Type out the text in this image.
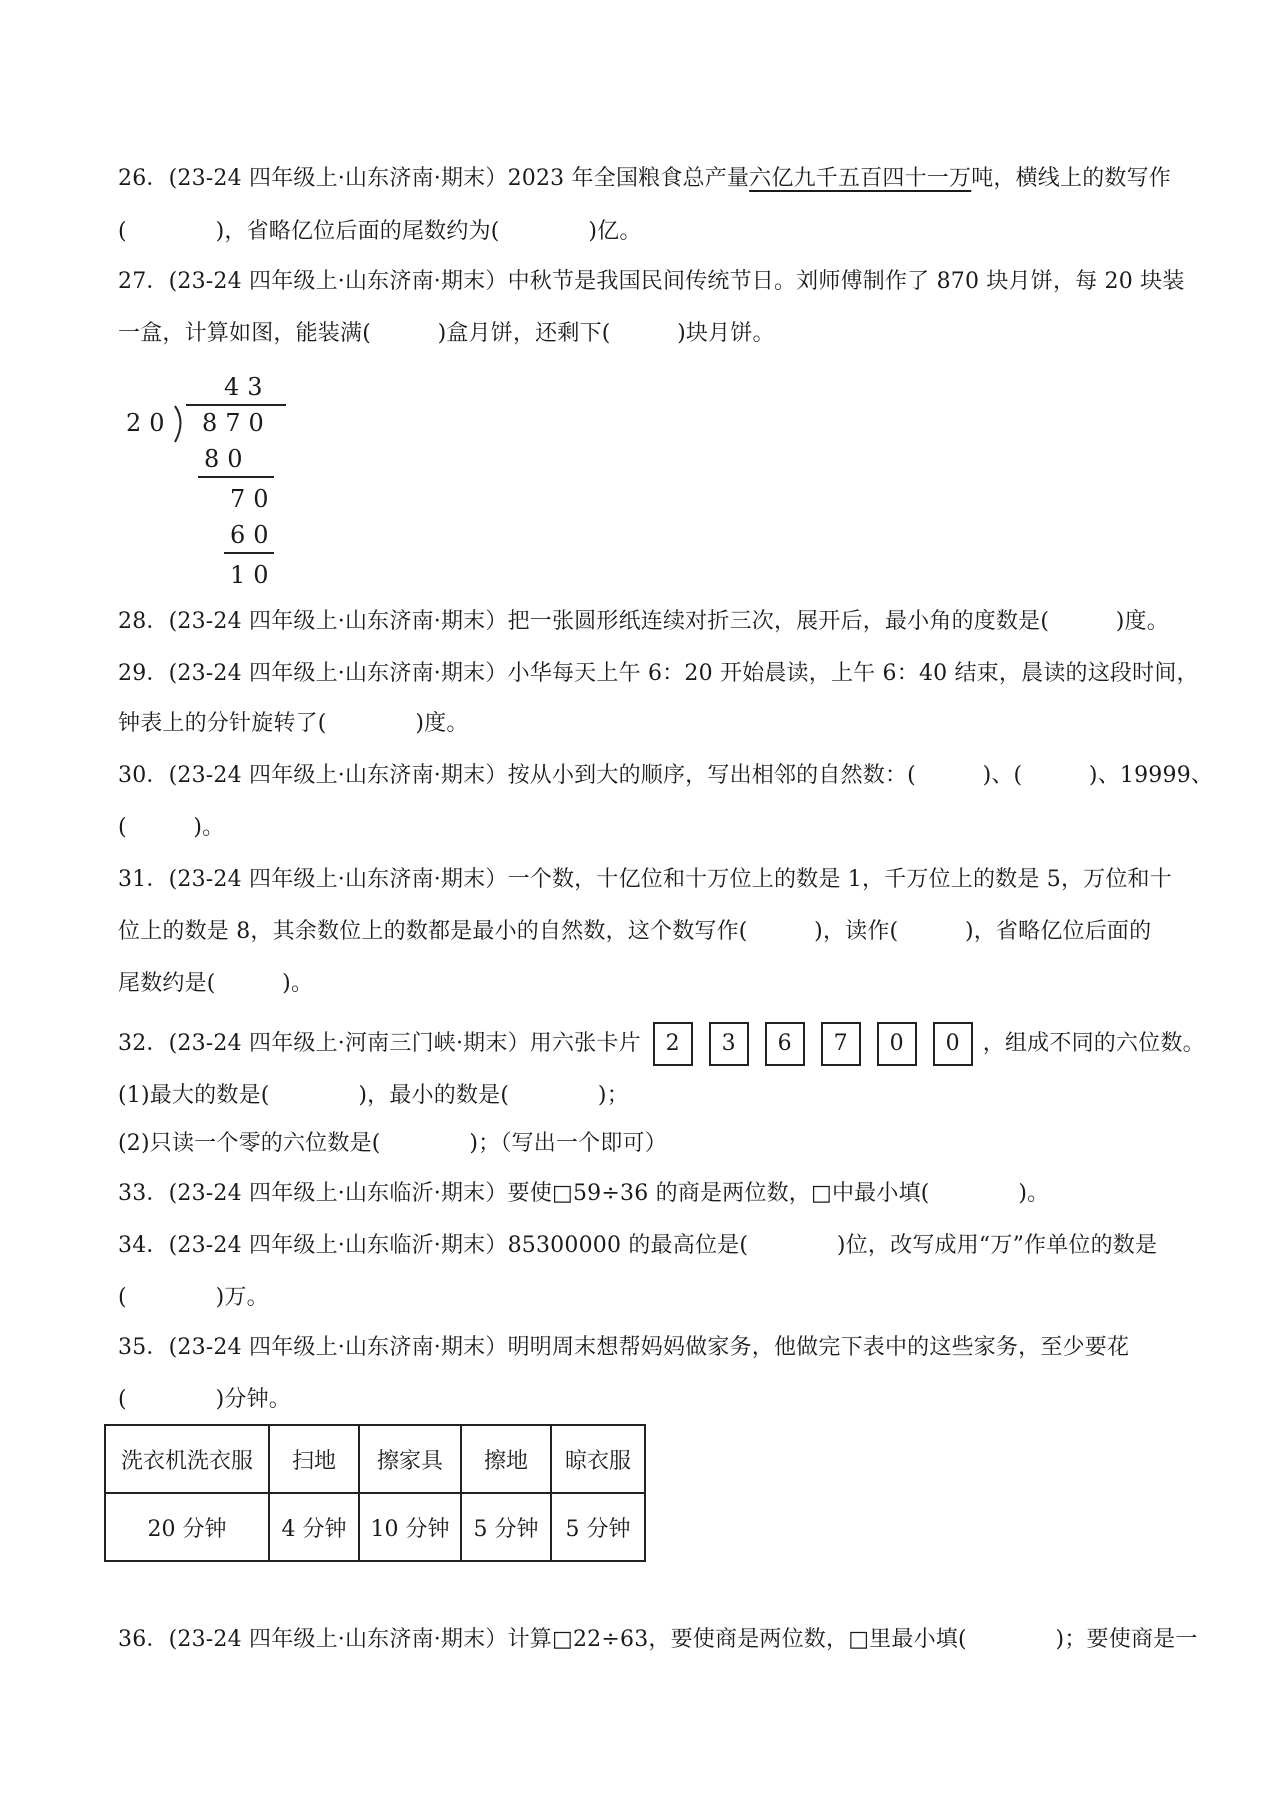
26．(23-24 四年级上·山东济南·期末）2023 年全国粮食总产量六亿九千五百四十一万吨，横线上的数写作
(　　　　)，省略亿位后面的尾数约为(　　　　)亿。
27．(23-24 四年级上·山东济南·期末）中秋节是我国民间传统节日。刘师傅制作了 870 块月饼，每 20 块装
一盒，计算如图，能装满(　　　)盒月饼，还剩下(　　　)块月饼。
43
20 870
80
70
60
10
28．(23-24 四年级上·山东济南·期末）把一张圆形纸连续对折三次，展开后，最小角的度数是(　　　)度。
29．(23-24 四年级上·山东济南·期末）小华每天上午 6：20 开始晨读，上午 6：40 结束，晨读的这段时间，
钟表上的分针旋转了(　　　　)度。
30．(23-24 四年级上·山东济南·期末）按从小到大的顺序，写出相邻的自然数：(　　　)、(　　　)、19999、
(　　　)。
31．(23-24 四年级上·山东济南·期末）一个数，十亿位和十万位上的数是 1，千万位上的数是 5，万位和十
位上的数是 8，其余数位上的数都是最小的自然数，这个数写作(　　　)，读作(　　　)，省略亿位后面的
尾数约是(　　　)。
32．(23-24 四年级上·河南三门峡·期末）用六张卡片 2 3 6 7 0 0 ，组成不同的六位数。
(1)最大的数是(　　　　)，最小的数是(　　　　)；
(2)只读一个零的六位数是(　　　　)；（写出一个即可）
33．(23-24 四年级上·山东临沂·期末）要使□59÷36 的商是两位数，□中最小填(　　　　)。
34．(23-24 四年级上·山东临沂·期末）85300000 的最高位是(　　　　)位，改写成用“万”作单位的数是
(　　　　)万。
35．(23-24 四年级上·山东济南·期末）明明周末想帮妈妈做家务，他做完下表中的这些家务，至少要花
(　　　　)分钟。
洗衣机洗衣服	扫地	擦家具	擦地	晾衣服
20 分钟	4 分钟	10 分钟	5 分钟	5 分钟
36．(23-24 四年级上·山东济南·期末）计算□22÷63，要使商是两位数，□里最小填(　　　　)；要使商是一
